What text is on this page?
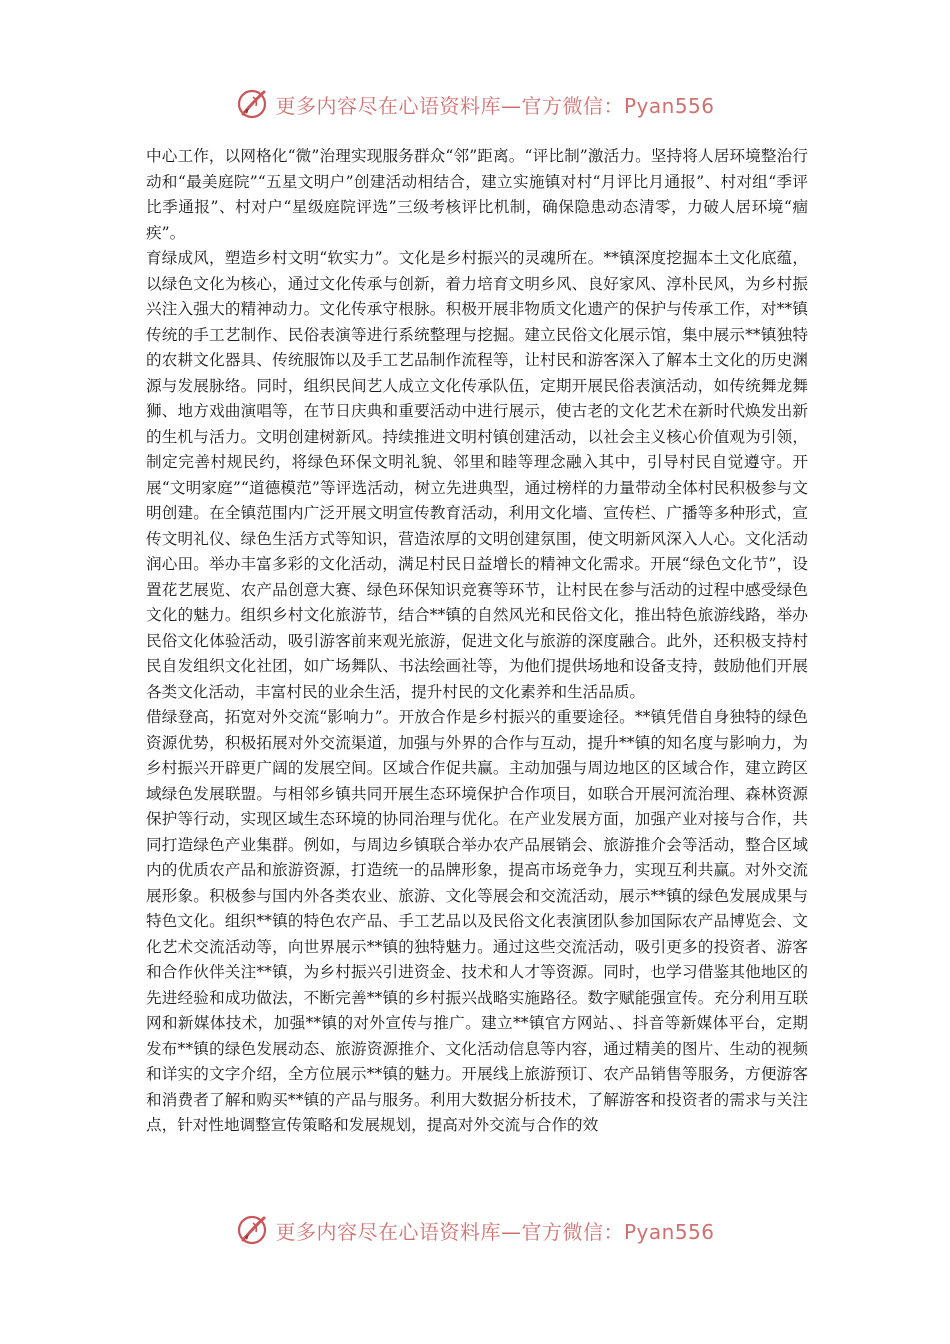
更多内容尽在心语资料库—官方微信：Pyan556

中心工作，以网格化“微”治理实现服务群众“邻”距离。“评比制”激活力。坚持将人居环境整治行动和“最美庭院”“五星文明户”创建活动相结合，建立实施镇对村“月评比月通报”、村对组“季评比季通报”、村对户“星级庭院评选”三级考核评比机制，确保隐患动态清零，力破人居环境“痼疾”。

育绿成风，塑造乡村文明“软实力”。文化是乡村振兴的灵魂所在。**镇深度挖掘本土文化底蕴，以绿色文化为核心，通过文化传承与创新，着力培育文明乡风、良好家风、淳朴民风，为乡村振兴注入强大的精神动力。文化传承守根脉。积极开展非物质文化遗产的保护与传承工作，对**镇传统的手工艺制作、民俗表演等进行系统整理与挖掘。建立民俗文化展示馆，集中展示**镇独特的农耕文化器具、传统服饰以及手工艺品制作流程等，让村民和游客深入了解本土文化的历史渊源与发展脉络。同时，组织民间艺人成立文化传承队伍，定期开展民俗表演活动，如传统舞龙舞狮、地方戏曲演唱等，在节日庆典和重要活动中进行展示，使古老的文化艺术在新时代焕发出新的生机与活力。文明创建树新风。持续推进文明村镇创建活动，以社会主义核心价值观为引领，制定完善村规民约，将绿色环保文明礼貌、邻里和睦等理念融入其中，引导村民自觉遵守。开展“文明家庭”“道德模范”等评选活动，树立先进典型，通过榜样的力量带动全体村民积极参与文明创建。在全镇范围内广泛开展文明宣传教育活动，利用文化墙、宣传栏、广播等多种形式，宣传文明礼仪、绿色生活方式等知识，营造浓厚的文明创建氛围，使文明新风深入人心。文化活动润心田。举办丰富多彩的文化活动，满足村民日益增长的精神文化需求。开展“绿色文化节”，设置花艺展览、农产品创意大赛、绿色环保知识竞赛等环节，让村民在参与活动的过程中感受绿色文化的魅力。组织乡村文化旅游节，结合**镇的自然风光和民俗文化，推出特色旅游线路，举办民俗文化体验活动，吸引游客前来观光旅游，促进文化与旅游的深度融合。此外，还积极支持村民自发组织文化社团，如广场舞队、书法绘画社等，为他们提供场地和设备支持，鼓励他们开展各类文化活动，丰富村民的业余生活，提升村民的文化素养和生活品质。

借绿登高，拓宽对外交流“影响力”。开放合作是乡村振兴的重要途径。**镇凭借自身独特的绿色资源优势，积极拓展对外交流渠道，加强与外界的合作与互动，提升**镇的知名度与影响力，为乡村振兴开辟更广阔的发展空间。区域合作促共赢。主动加强与周边地区的区域合作，建立跨区域绿色发展联盟。与相邻乡镇共同开展生态环境保护合作项目，如联合开展河流治理、森林资源保护等行动，实现区域生态环境的协同治理与优化。在产业发展方面，加强产业对接与合作，共同打造绿色产业集群。例如，与周边乡镇联合举办农产品展销会、旅游推介会等活动，整合区域内的优质农产品和旅游资源，打造统一的品牌形象，提高市场竞争力，实现互利共赢。对外交流展形象。积极参与国内外各类农业、旅游、文化等展会和交流活动，展示**镇的绿色发展成果与特色文化。组织**镇的特色农产品、手工艺品以及民俗文化表演团队参加国际农产品博览会、文化艺术交流活动等，向世界展示**镇的独特魅力。通过这些交流活动，吸引更多的投资者、游客和合作伙伴关注**镇，为乡村振兴引进资金、技术和人才等资源。同时，也学习借鉴其他地区的先进经验和成功做法，不断完善**镇的乡村振兴战略实施路径。数字赋能强宣传。充分利用互联网和新媒体技术，加强**镇的对外宣传与推广。建立**镇官方网站、、抖音等新媒体平台，定期发布**镇的绿色发展动态、旅游资源推介、文化活动信息等内容，通过精美的图片、生动的视频和详实的文字介绍，全方位展示**镇的魅力。开展线上旅游预订、农产品销售等服务，方便游客和消费者了解和购买**镇的产品与服务。利用大数据分析技术，了解游客和投资者的需求与关注点，针对性地调整宣传策略和发展规划，提高对外交流与合作的效

更多内容尽在心语资料库—官方微信：Pyan556
